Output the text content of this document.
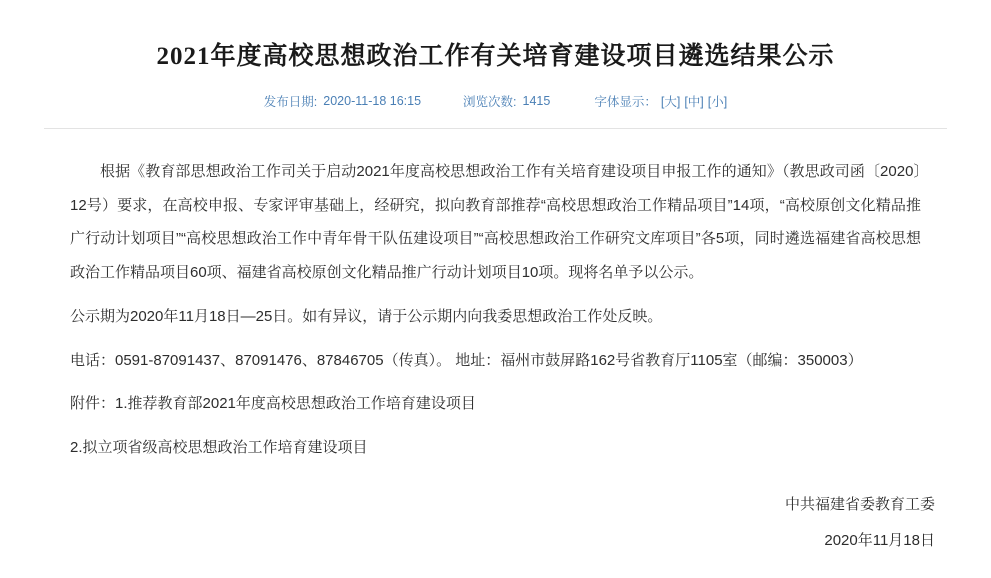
2021年度高校思想政治工作有关培育建设项目遴选结果公示
发布日期: 2020-11-18 16:15	浏览次数: 1415	字体显示： [大] [中] [小]

根据《教育部思想政治工作司关于启动2021年度高校思想政治工作有关培育建设项目申报工作的通知》（教思政司函〔2020〕12号）要求，在高校申报、专家评审基础上，经研究，拟向教育部推荐“高校思想政治工作精品项目”14项，“高校原创文化精品推广行动计划项目”“高校思想政治工作中青年骨干队伍建设项目”“高校思想政治工作研究文库项目”各5项，同时遴选福建省高校思想政治工作精品项目60项、福建省高校原创文化精品推广行动计划项目10项。现将名单予以公示。

公示期为2020年11月18日—25日。如有异议，请于公示期内向我委思想政治工作处反映。

电话：0591-87091437、87091476、87846705（传真）。 地址：福州市鼓屏路162号省教育厅1105室（邮编：350003）

附件：1.推荐教育部2021年度高校思想政治工作培育建设项目

2.拟立项省级高校思想政治工作培育建设项目

中共福建省委教育工委
2020年11月18日
